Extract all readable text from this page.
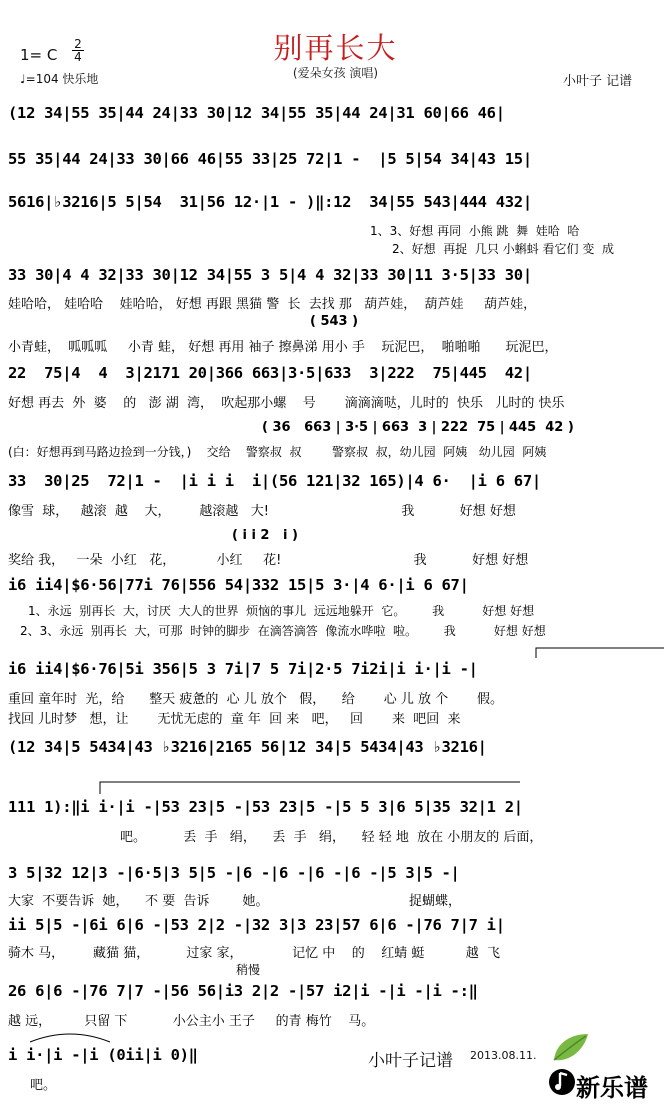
别再长大
(爱朵女孩 演唱)
1= C
2
4
♩=104 快乐地	小叶子 记谱
(12 34|55 35|44 24|33 30|12 34|55 35|44 24|31 60|66 46|
55 35|44 24|33 30|66 46|55 33|25 72|1 -  |5 5|54 34|43 15|
5616|♭3216|5 5|54  31|56 12·|1 - )‖:12  34|55 543|444 432|
1、3、好想 再同  小熊 跳  舞  娃哈  哈
2、好想  再捉  几只 小蝌蚪 看它们 变  成
33 30|4 4 32|33 30|12 34|55 3 5|4 4 32|33 30|11 3·5|33 30|
娃哈哈， 娃哈哈    娃哈哈， 好想 再跟 黑猫 警  长  去找 那   葫芦娃，  葫芦娃     葫芦娃，
( 543 )
小青蛙，  呱呱呱     小青 蛙， 好想 再用 袖子 擦鼻涕 用小 手    玩泥巴，  啪啪啪      玩泥巴，
22  75|4  4  3|2171 20|366 663|3·5|633  3|222  75|445  42|
好想 再去  外  婆    的   澎 湖  湾，  吹起那小螺    号       滴滴滴哒，儿时的  快乐   儿时的 快乐
( 36   663 | 3·5 | 663  3 | 222  75 | 445  42 )
(白：好想再到马路边捡到一分钱，)    交给    警察叔  叔        警察叔  叔，幼儿园  阿姨   幼儿园  阿姨
33  30|25  72|1 -  |i i i  i|(56 121|32 165)|4 6·  |i 6 67|
像雪  球，   越滚  越    大，       越滚越   大!                                我           好想 好想
( i i 2   i )
奖给 我，   一朵  小红   花，          小红     花!                                我           好想 好想
i6 ii4|$6·56|77i 76|556 54|332 15|5 3·|4 6·|i 6 67|
1、永远  别再长  大，讨厌  大人的世界  烦恼的事儿  远远地躲开  它。       我          好想 好想
2、3、永远  别再长  大，可那  时钟的脚步  在滴答滴答  像流水哗啦  啦。       我          好想 好想
i6 ii4|$6·76|5i 356|5 3 7i|7 5 7i|2·5 7i2i|i i·|i -|
重回 童年时  光，给      整天 疲惫的  心 儿 放个   假，    给       心 儿 放 个       假。
找回 儿时梦   想，让       无忧无虑的  童 年  回 来   吧，   回       来  吧回  来
(12 34|5 5434|43 ♭3216|2165 56|12 34|5 5434|43 ♭3216|
111 1):‖i i·|i -|53 23|5 -|53 23|5 -|5 5 3|6 5|35 32|1 2|
吧。         丢  手   绢，    丢  手   绢，    轻 轻 地  放在 小朋友的 后面，
3 5|32 12|3 -|6·5|3 5|5 -|6 -|6 -|6 -|6 -|5 3|5 -|
大家  不要告诉  她，    不 要  告诉        她。                                  捉蝴蝶，
ii 5|5 -|6i 6|6 -|53 2|2 -|32 3|3 23|57 6|6 -|76 7|7 i|
骑木 马，       藏猫 猫，         过家 家，            记忆 中    的    红蜻 蜓          越  飞
稍慢
26 6|6 -|76 7|7 -|56 56|i3 2|2 -|57 i2|i -|i -|i -:‖
越 远，        只留 下           小公主小 王子     的青 梅竹    马。
i i·|i -|i (0ii|i 0)‖
吧。
小叶子记谱 2013.08.11.
新乐谱
